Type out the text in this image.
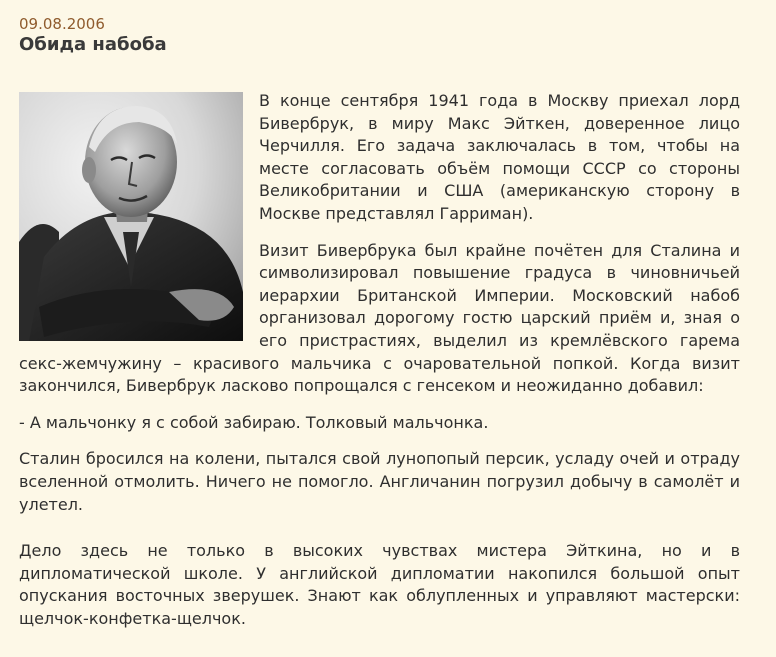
09.08.2006

Обида набоба

В конце сентября 1941 года в Москву приехал лорд Бивербрук, в миру Макс Эйткен, доверенное лицо Черчилля. Его задача заключалась в том, чтобы на месте согласовать объём помощи СССР со стороны Великобритании и США (американскую сторону в Москве представлял Гарриман).

Визит Бивербрука был крайне почётен для Сталина и символизировал повышение градуса в чиновничьей иерархии Британской Империи. Московский набоб организовал дорогому гостю царский приём и, зная о его пристрастиях, выделил из кремлёвского гарема секс-жемчужину – красивого мальчика с очаровательной попкой. Когда визит закончился, Бивербрук ласково попрощался с генсеком и неожиданно добавил:

- А мальчонку я с собой забираю. Толковый мальчонка.

Сталин бросился на колени, пытался свой лунопопый персик, усладу очей и отраду вселенной отмолить. Ничего не помогло. Англичанин погрузил добычу в самолёт и улетел.

Дело здесь не только в высоких чувствах мистера Эйткина, но и в дипломатической школе. У английской дипломатии накопился большой опыт опускания восточных зверушек. Знают как облупленных и управляют мастерски: щелчок-конфетка-щелчок.
